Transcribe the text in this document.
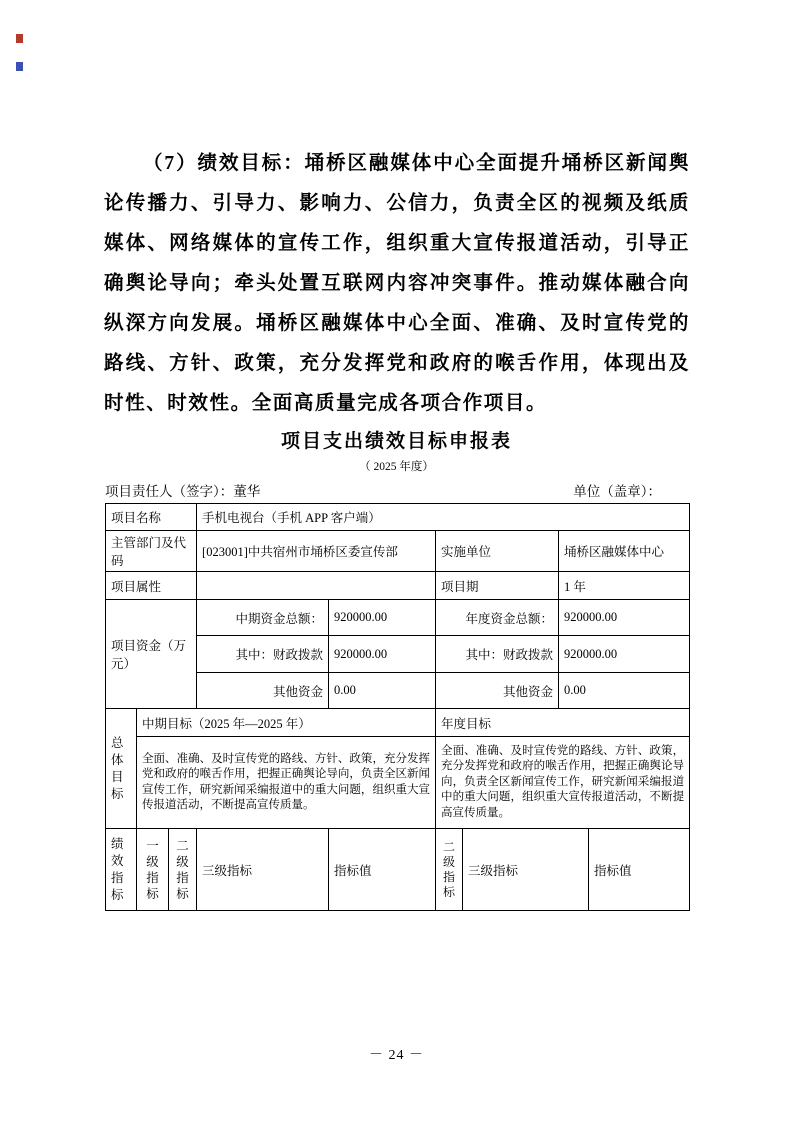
（7）绩效目标：埇桥区融媒体中心全面提升埇桥区新闻舆论传播力、引导力、影响力、公信力，负责全区的视频及纸质媒体、网络媒体的宣传工作，组织重大宣传报道活动，引导正确舆论导向；牵头处置互联网内容冲突事件。推动媒体融合向纵深方向发展。埇桥区融媒体中心全面、准确、及时宣传党的路线、方针、政策，充分发挥党和政府的喉舌作用，体现出及时性、时效性。全面高质量完成各项合作项目。
项目支出绩效目标申报表
（ 2025 年度）
项目责任人（签字）：董华	单位（盖章）：
项目名称			手机电视台（手机 APP 客户端）					
主管部门及代码			[023001]中共宿州市埇桥区委宣传部		实施单位		埇桥区融媒体中心	
项目属性					项目期		1 年	
项目资金（万元）			中期资金总额：	920000.00	年度资金总额：		920000.00	
			其中：财政拨款	920000.00	其中：财政拨款		920000.00	
			其他资金	0.00	其他资金		0.00	
总体目标	中期目标（2025 年—2025 年）				年度目标			
	全面、准确、及时宣传党的路线、方针、政策，充分发挥党和政府的喉舌作用，把握正确舆论导向，负责全区新闻宣传工作，研究新闻采编报道中的重大问题，组织重大宣传报道活动，不断提高宣传质量。				全面、准确、及时宣传党的路线、方针、政策，充分发挥党和政府的喉舌作用，把握正确舆论导向，负责全区新闻宣传工作，研究新闻采编报道中的重大问题，组织重大宣传报道活动，不断提高宣传质量。			
绩效指标	一级指标	二级指标	三级指标	指标值	二级指标	三级指标		指标值
－ 24 －
